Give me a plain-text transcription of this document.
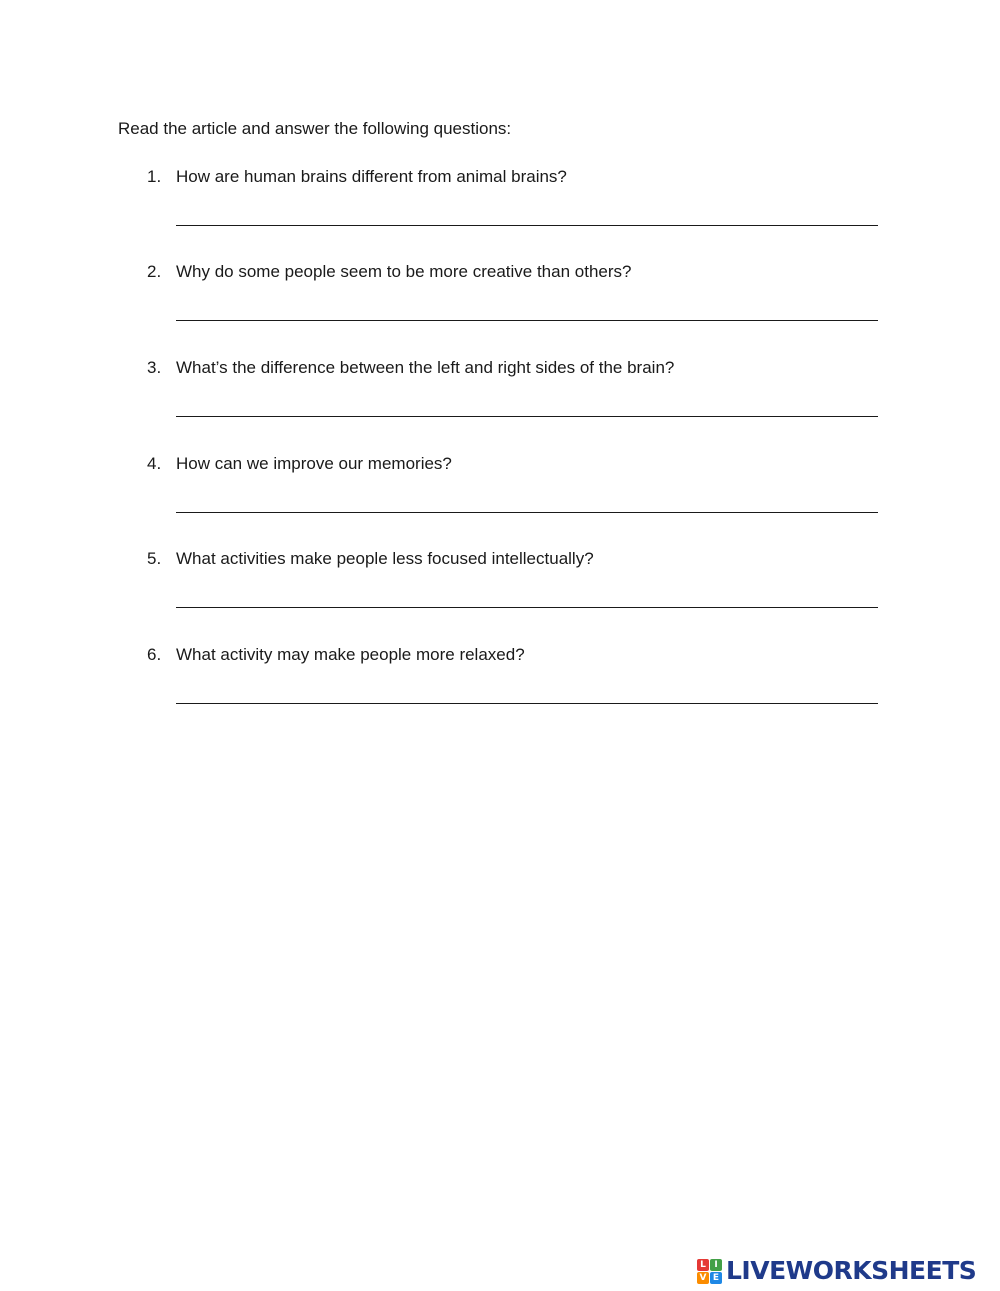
Read the article and answer the following questions:

1. How are human brains different from animal brains?
2. Why do some people seem to be more creative than others?
3. What’s the difference between the left and right sides of the brain?
4. How can we improve our memories?
5. What activities make people less focused intellectually?
6. What activity may make people more relaxed?
L I
V E LIVEWORKSHEETS
